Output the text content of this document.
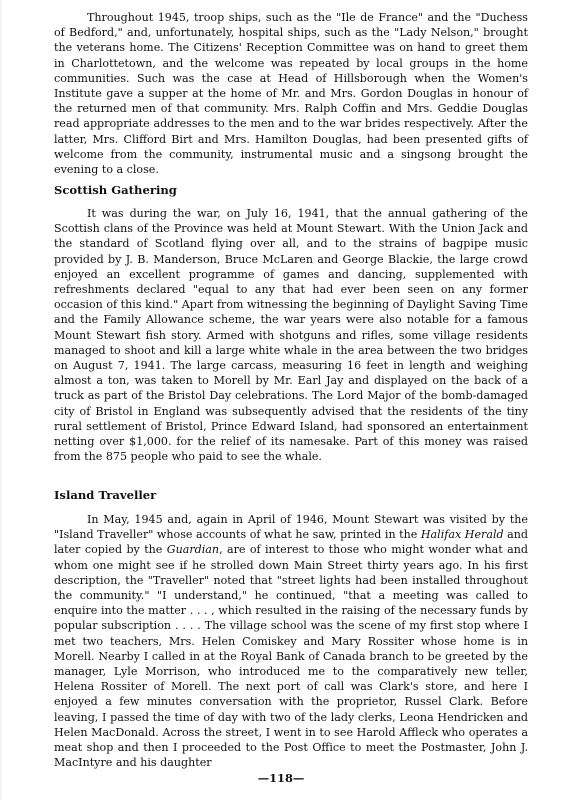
Throughout 1945, troop ships, such as the "Ile de France" and the "Duchess of Bedford," and, unfortunately, hospital ships, such as the "Lady Nelson," brought the veterans home. The Citizens' Reception Committee was on hand to greet them in Charlottetown, and the welcome was repeated by local groups in the home communities. Such was the case at Head of Hillsborough when the Women's Institute gave a supper at the home of Mr. and Mrs. Gordon Douglas in honour of the returned men of that community. Mrs. Ralph Coffin and Mrs. Geddie Douglas read appropriate addresses to the men and to the war brides respectively. After the latter, Mrs. Clifford Birt and Mrs. Hamilton Douglas, had been presented gifts of welcome from the community, instrumental music and a singsong brought the evening to a close.

Scottish Gathering

It was during the war, on July 16, 1941, that the annual gathering of the Scottish clans of the Province was held at Mount Stewart. With the Union Jack and the standard of Scotland flying over all, and to the strains of bagpipe music provided by J. B. Manderson, Bruce McLaren and George Blackie, the large crowd enjoyed an excellent programme of games and dancing, supplemented with refreshments declared "equal to any that had ever been seen on any former occasion of this kind." Apart from witnessing the beginning of Daylight Saving Time and the Family Allowance scheme, the war years were also notable for a famous Mount Stewart fish story. Armed with shotguns and rifles, some village residents managed to shoot and kill a large white whale in the area between the two bridges on August 7, 1941. The large carcass, measuring 16 feet in length and weighing almost a ton, was taken to Morell by Mr. Earl Jay and displayed on the back of a truck as part of the Bristol Day celebrations. The Lord Major of the bomb-damaged city of Bristol in England was subsequently advised that the residents of the tiny rural settlement of Bristol, Prince Edward Island, had sponsored an entertainment netting over $1,000. for the relief of its namesake. Part of this money was raised from the 875 people who paid to see the whale.

Island Traveller

In May, 1945 and, again in April of 1946, Mount Stewart was visited by the "Island Traveller" whose accounts of what he saw, printed in the Halifax Herald and later copied by the Guardian, are of interest to those who might wonder what and whom one might see if he strolled down Main Street thirty years ago. In his first description, the "Traveller" noted that "street lights had been installed throughout the community." "I understand," he continued, "that a meeting was called to enquire into the matter . . . , which resulted in the raising of the necessary funds by popular subscription . . . . The village school was the scene of my first stop where I met two teachers, Mrs. Helen Comiskey and Mary Rossiter whose home is in Morell. Nearby I called in at the Royal Bank of Canada branch to be greeted by the manager, Lyle Morrison, who introduced me to the comparatively new teller, Helena Rossiter of Morell. The next port of call was Clark's store, and here I enjoyed a few minutes conversation with the proprietor, Russel Clark. Before leaving, I passed the time of day with two of the lady clerks, Leona Hendricken and Helen MacDonald. Across the street, I went in to see Harold Affleck who operates a meat shop and then I proceeded to the Post Office to meet the Postmaster, John J. MacIntyre and his daughter

—118—
